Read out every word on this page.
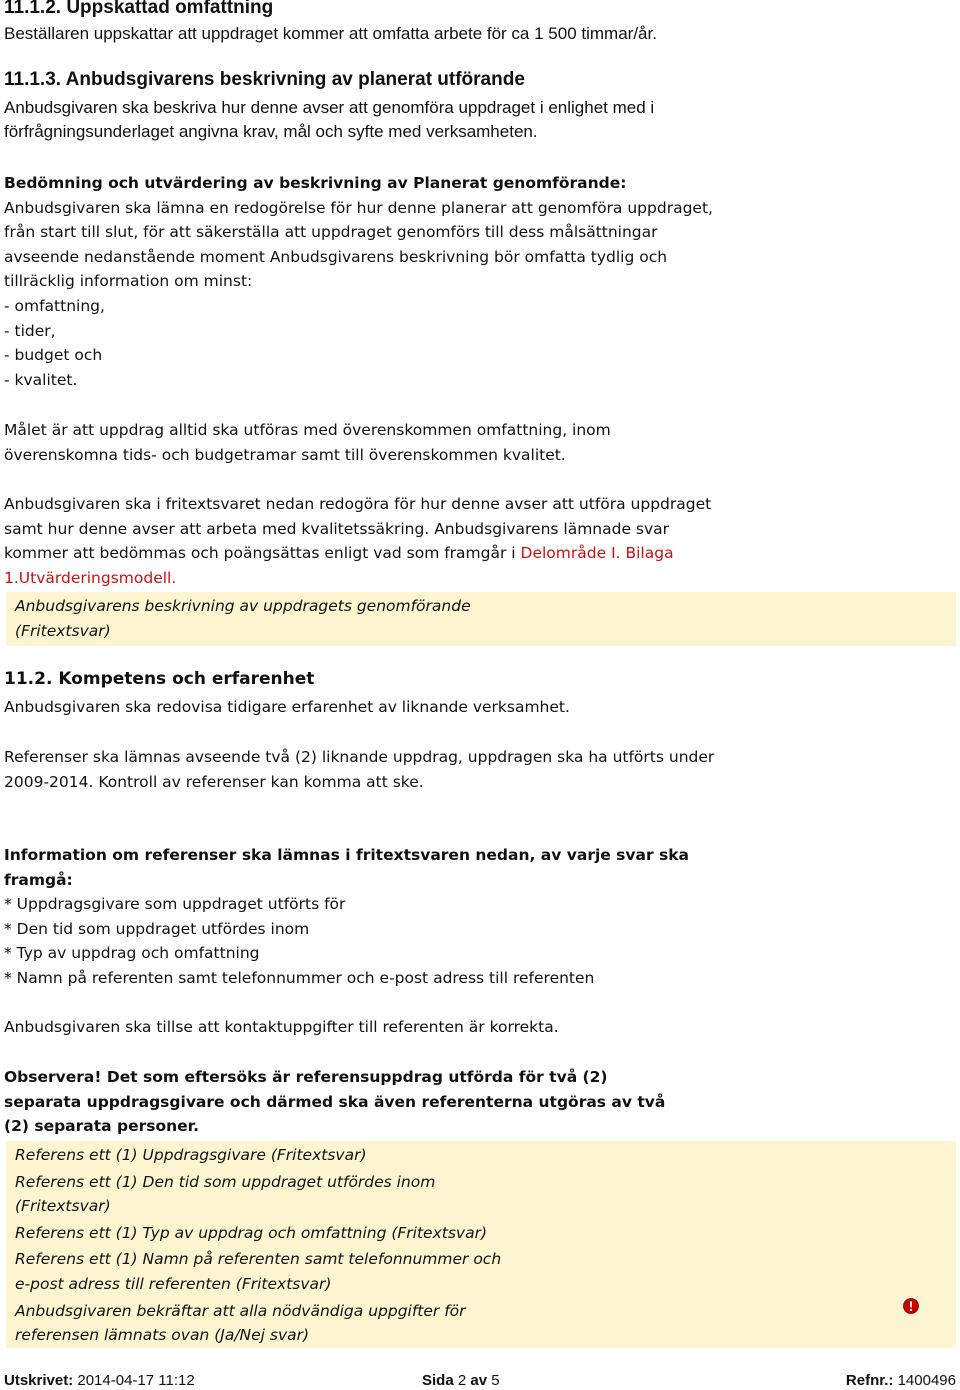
11.1.2. Uppskattad omfattning

Beställaren uppskattar att uppdraget kommer att omfatta arbete för ca 1 500 timmar/år.

11.1.3. Anbudsgivarens beskrivning av planerat utförande
Anbudsgivaren ska beskriva hur denne avser att genomföra uppdraget i enlighet med i
förfrågningsunderlaget angivna krav, mål och syfte med verksamheten.
Bedömning och utvärdering av beskrivning av Planerat genomförande:
Anbudsgivaren ska lämna en redogörelse för hur denne planerar att genomföra uppdraget,
från start till slut, för att säkerställa att uppdraget genomförs till dess målsättningar
avseende nedanstående moment Anbudsgivarens beskrivning bör omfatta tydlig och
tillräcklig information om minst:
- omfattning,
- tider,
- budget och
- kvalitet.
Målet är att uppdrag alltid ska utföras med överenskommen omfattning, inom
överenskomna tids- och budgetramar samt till överenskommen kvalitet.
Anbudsgivaren ska i fritextsvaret nedan redogöra för hur denne avser att utföra uppdraget
samt hur denne avser att arbeta med kvalitetssäkring. Anbudsgivarens lämnade svar
kommer att bedömmas och poängsättas enligt vad som framgår i Delområde I. Bilaga
1.Utvärderingsmodell.
Anbudsgivarens beskrivning av uppdragets genomförande
(Fritextsvar)
11.2. Kompetens och erfarenhet

Anbudsgivaren ska redovisa tidigare erfarenhet av liknande verksamhet.

Referenser ska lämnas avseende två (2) liknande uppdrag, uppdragen ska ha utförts under
2009-2014. Kontroll av referenser kan komma att ske.
Information om referenser ska lämnas i fritextsvaren nedan, av varje svar ska
framgå:
* Uppdragsgivare som uppdraget utförts för
* Den tid som uppdraget utfördes inom
* Typ av uppdrag och omfattning
* Namn på referenten samt telefonnummer och e-post adress till referenten

Anbudsgivaren ska tillse att kontaktuppgifter till referenten är korrekta.

Observera! Det som eftersöks är referensuppdrag utförda för två (2)
separata uppdragsgivare och därmed ska även referenterna utgöras av två
(2) separata personer.
Referens ett (1) Uppdragsgivare (Fritextsvar)
Referens ett (1) Den tid som uppdraget utfördes inom
(Fritextsvar)
Referens ett (1) Typ av uppdrag och omfattning (Fritextsvar)
Referens ett (1) Namn på referenten samt telefonnummer och
e-post adress till referenten (Fritextsvar)
Anbudsgivaren bekräftar att alla nödvändiga uppgifter för
referensen lämnats ovan (Ja/Nej svar)
Utskrivet: 2014-04-17 11:12	Sida 2 av 5	Refnr.: 1400496
